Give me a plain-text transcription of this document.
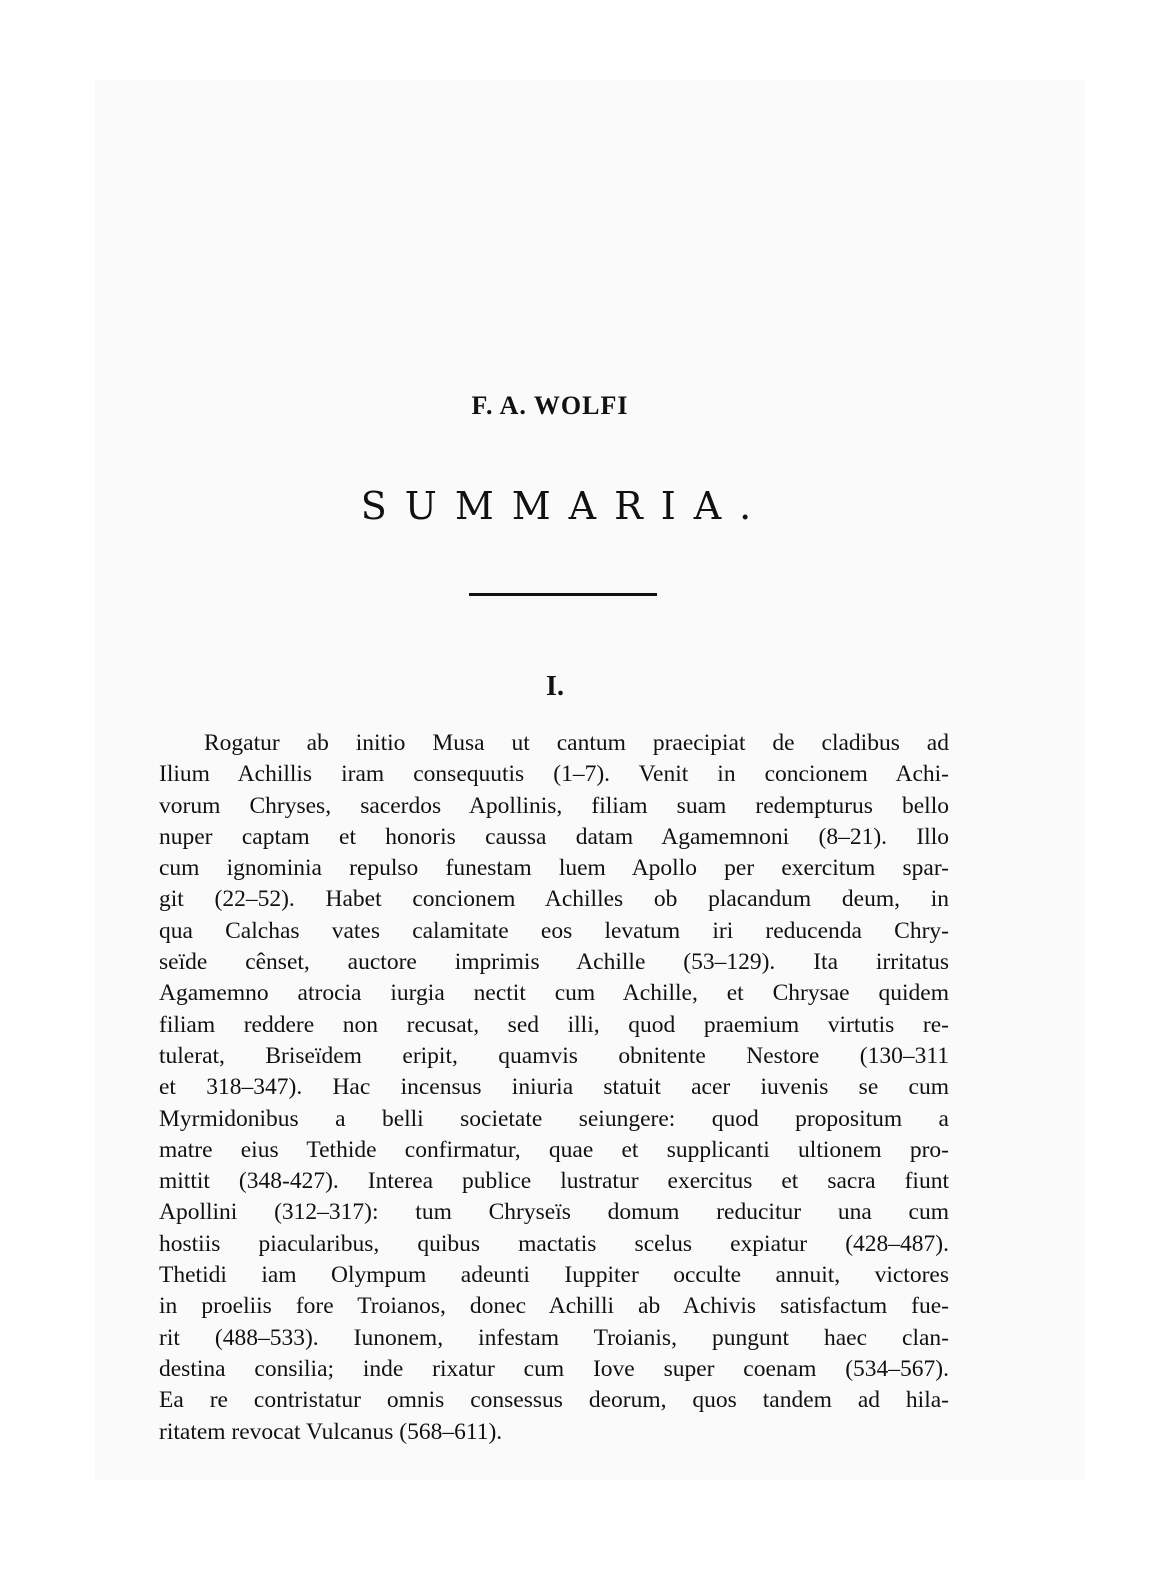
F. A. WOLFI
SUMMARIA.
I.
Rogatur ab initio Musa ut cantum praecipiat de cladibus ad
Ilium Achillis iram consequutis (1–7). Venit in concionem Achi-
vorum Chryses, sacerdos Apollinis, filiam suam redempturus bello
nuper captam et honoris caussa datam Agamemnoni (8–21). Illo
cum ignominia repulso funestam luem Apollo per exercitum spar-
git (22–52). Habet concionem Achilles ob placandum deum, in
qua Calchas vates calamitate eos levatum iri reducenda Chry-
seïde cênset, auctore imprimis Achille (53–129). Ita irritatus
Agamemno atrocia iurgia nectit cum Achille, et Chrysae quidem
filiam reddere non recusat, sed illi, quod praemium virtutis re-
tulerat, Briseïdem eripit, quamvis obnitente Nestore (130–311
et 318–347). Hac incensus iniuria statuit acer iuvenis se cum
Myrmidonibus a belli societate seiungere: quod propositum a
matre eius Tethide confirmatur, quae et supplicanti ultionem pro-
mittit (348-427). Interea publice lustratur exercitus et sacra fiunt
Apollini (312–317): tum Chryseïs domum reducitur una cum
hostiis piacularibus, quibus mactatis scelus expiatur (428–487).
Thetidi iam Olympum adeunti Iuppiter occulte annuit, victores
in proeliis fore Troianos, donec Achilli ab Achivis satisfactum fue-
rit (488–533). Iunonem, infestam Troianis, pungunt haec clan-
destina consilia; inde rixatur cum Iove super coenam (534–567).
Ea re contristatur omnis consessus deorum, quos tandem ad hila-
ritatem revocat Vulcanus (568–611).
